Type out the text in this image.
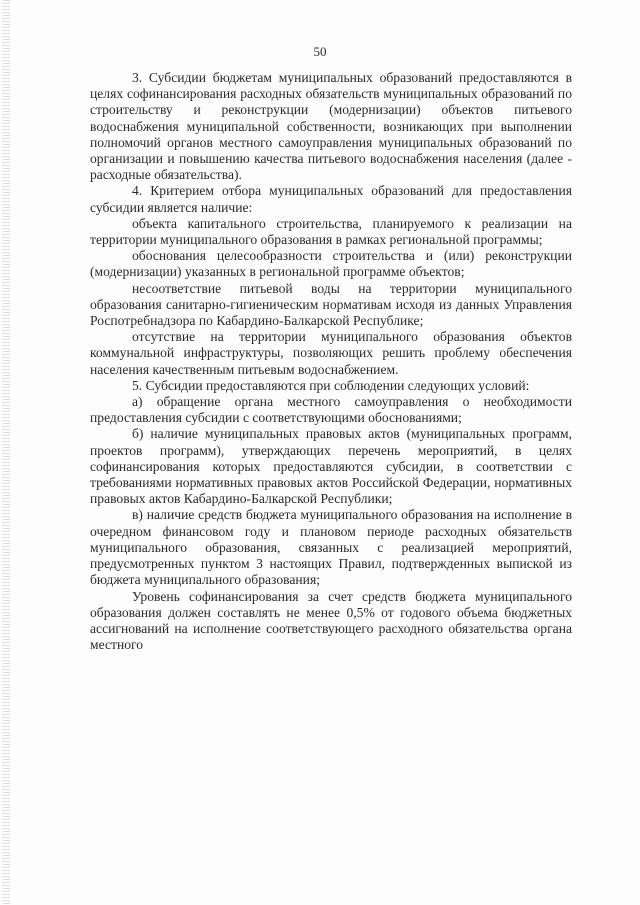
50

3. Субсидии бюджетам муниципальных образований предоставляются в целях софинансирования расходных обязательств муниципальных образований по строительству и реконструкции (модернизации) объектов питьевого водоснабжения муниципальной собственности, возникающих при выполнении полномочий органов местного самоуправления муниципальных образований по организации и повышению качества питьевого водоснабжения населения (далее - расходные обязательства).

4. Критерием отбора муниципальных образований для предоставления субсидии является наличие:

объекта капитального строительства, планируемого к реализации на территории муниципального образования в рамках региональной программы;

обоснования целесообразности строительства и (или) реконструкции (модернизации) указанных в региональной программе объектов;

несоответствие питьевой воды на территории муниципального образования санитарно-гигиеническим нормативам исходя из данных Управления Роспотребнадзора по Кабардино-Балкарской Республике;

отсутствие на территории муниципального образования объектов коммунальной инфраструктуры, позволяющих решить проблему обеспечения населения качественным питьевым водоснабжением.

5. Субсидии предоставляются при соблюдении следующих условий:

а) обращение органа местного самоуправления о необходимости предоставления субсидии с соответствующими обоснованиями;

б) наличие муниципальных правовых актов (муниципальных программ, проектов программ), утверждающих перечень мероприятий, в целях софинансирования которых предоставляются субсидии, в соответствии с требованиями нормативных правовых актов Российской Федерации, нормативных правовых актов Кабардино-Балкарской Республики;

в) наличие средств бюджета муниципального образования на исполнение в очередном финансовом году и плановом периоде расходных обязательств муниципального образования, связанных с реализацией мероприятий, предусмотренных пунктом 3 настоящих Правил, подтвержденных выпиской из бюджета муниципального образования;

Уровень софинансирования за счет средств бюджета муниципального образования должен составлять не менее 0,5% от годового объема бюджетных ассигнований на исполнение соответствующего расходного обязательства органа местного
